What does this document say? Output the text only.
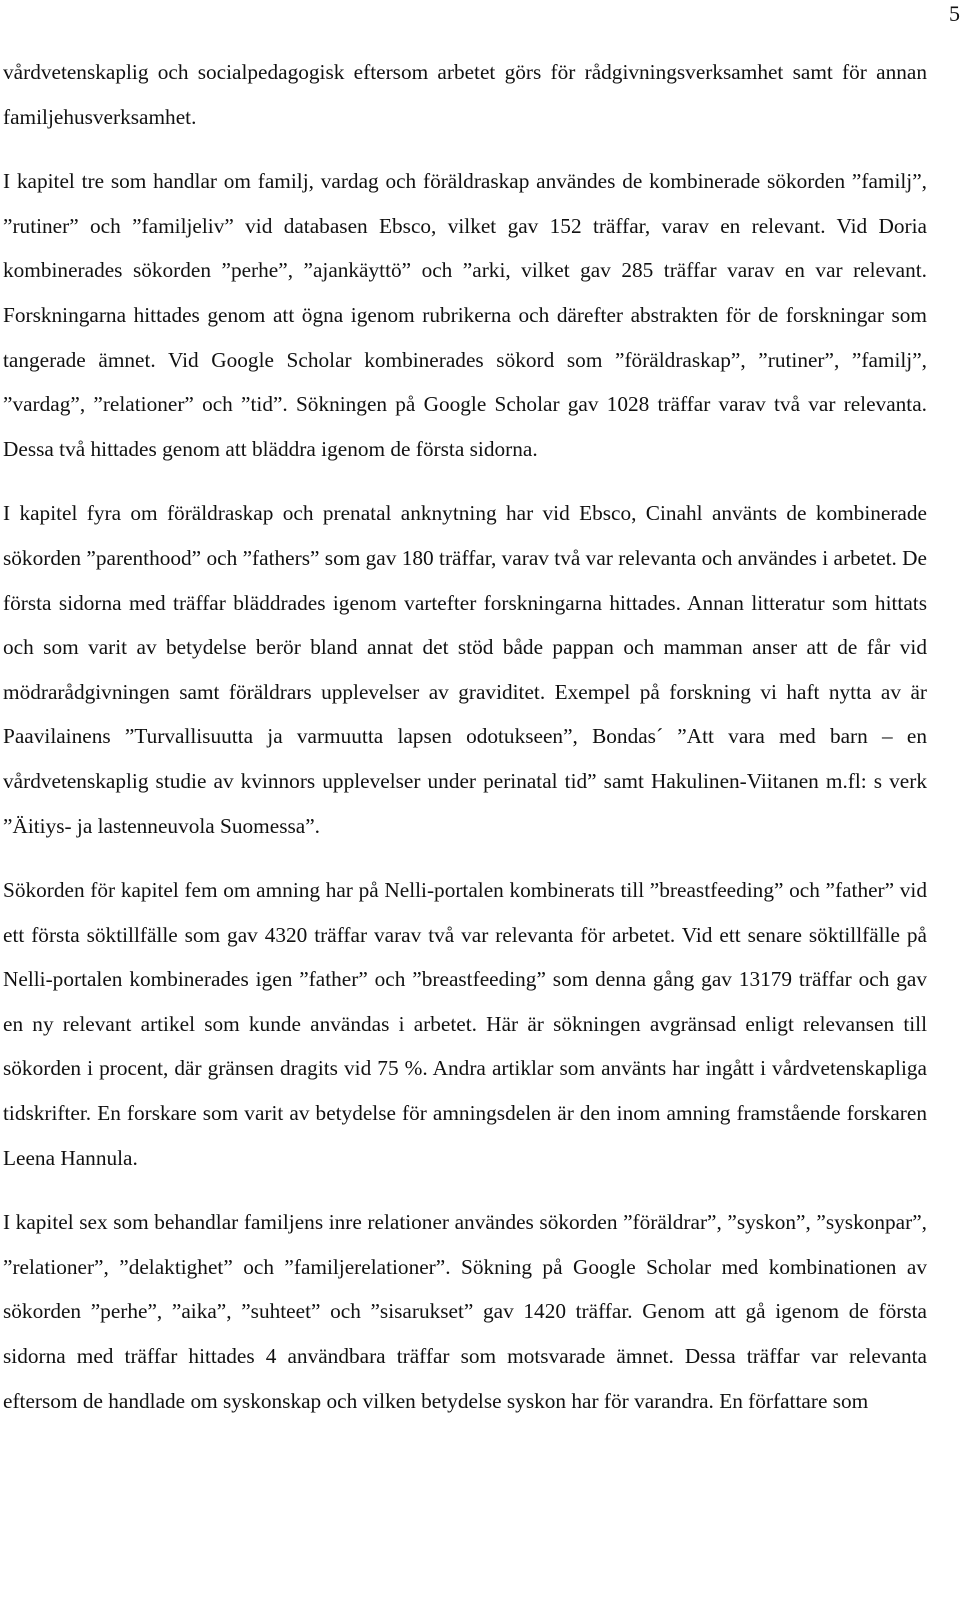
5

vårdvetenskaplig och socialpedagogisk eftersom arbetet görs för rådgivningsverksamhet samt för annan familjehusverksamhet.

I kapitel tre som handlar om familj, vardag och föräldraskap användes de kombinerade sökorden ”familj”, ”rutiner” och ”familjeliv” vid databasen Ebsco, vilket gav 152 träffar, varav en relevant. Vid Doria kombinerades sökorden ”perhe”, ”ajankäyttö” och ”arki, vilket gav 285 träffar varav en var relevant. Forskningarna hittades genom att ögna igenom rubrikerna och därefter abstrakten för de forskningar som tangerade ämnet. Vid Google Scholar kombinerades sökord som ”föräldraskap”, ”rutiner”, ”familj”, ”vardag”, ”relationer” och ”tid”. Sökningen på Google Scholar gav 1028 träffar varav två var relevanta. Dessa två hittades genom att bläddra igenom de första sidorna.

I kapitel fyra om föräldraskap och prenatal anknytning har vid Ebsco, Cinahl använts de kombinerade sökorden ”parenthood” och ”fathers” som gav 180 träffar, varav två var relevanta och användes i arbetet. De första sidorna med träffar bläddrades igenom vartefter forskningarna hittades. Annan litteratur som hittats och som varit av betydelse berör bland annat det stöd både pappan och mamman anser att de får vid mödrarådgivningen samt föräldrars upplevelser av graviditet. Exempel på forskning vi haft nytta av är Paavilainens ”Turvallisuutta ja varmuutta lapsen odotukseen”, Bondas´ ”Att vara med barn – en vårdvetenskaplig studie av kvinnors upplevelser under perinatal tid” samt Hakulinen-Viitanen m.fl: s verk ”Äitiys- ja lastenneuvola Suomessa”.

Sökorden för kapitel fem om amning har på Nelli-portalen kombinerats till ”breastfeeding” och ”father” vid ett första söktillfälle som gav 4320 träffar varav två var relevanta för arbetet. Vid ett senare söktillfälle på Nelli-portalen kombinerades igen ”father” och ”breastfeeding” som denna gång gav 13179 träffar och gav en ny relevant artikel som kunde användas i arbetet. Här är sökningen avgränsad enligt relevansen till sökorden i procent, där gränsen dragits vid 75 %. Andra artiklar som använts har ingått i vårdvetenskapliga tidskrifter. En forskare som varit av betydelse för amningsdelen är den inom amning framstående forskaren Leena Hannula.

I kapitel sex som behandlar familjens inre relationer användes sökorden ”föräldrar”, ”syskon”, ”syskonpar”, ”relationer”, ”delaktighet” och ”familjerelationer”. Sökning på Google Scholar med kombinationen av sökorden ”perhe”, ”aika”, ”suhteet” och ”sisarukset” gav 1420 träffar. Genom att gå igenom de första sidorna med träffar hittades 4 användbara träffar som motsvarade ämnet. Dessa träffar var relevanta eftersom de handlade om syskonskap och vilken betydelse syskon har för varandra. En författare som
